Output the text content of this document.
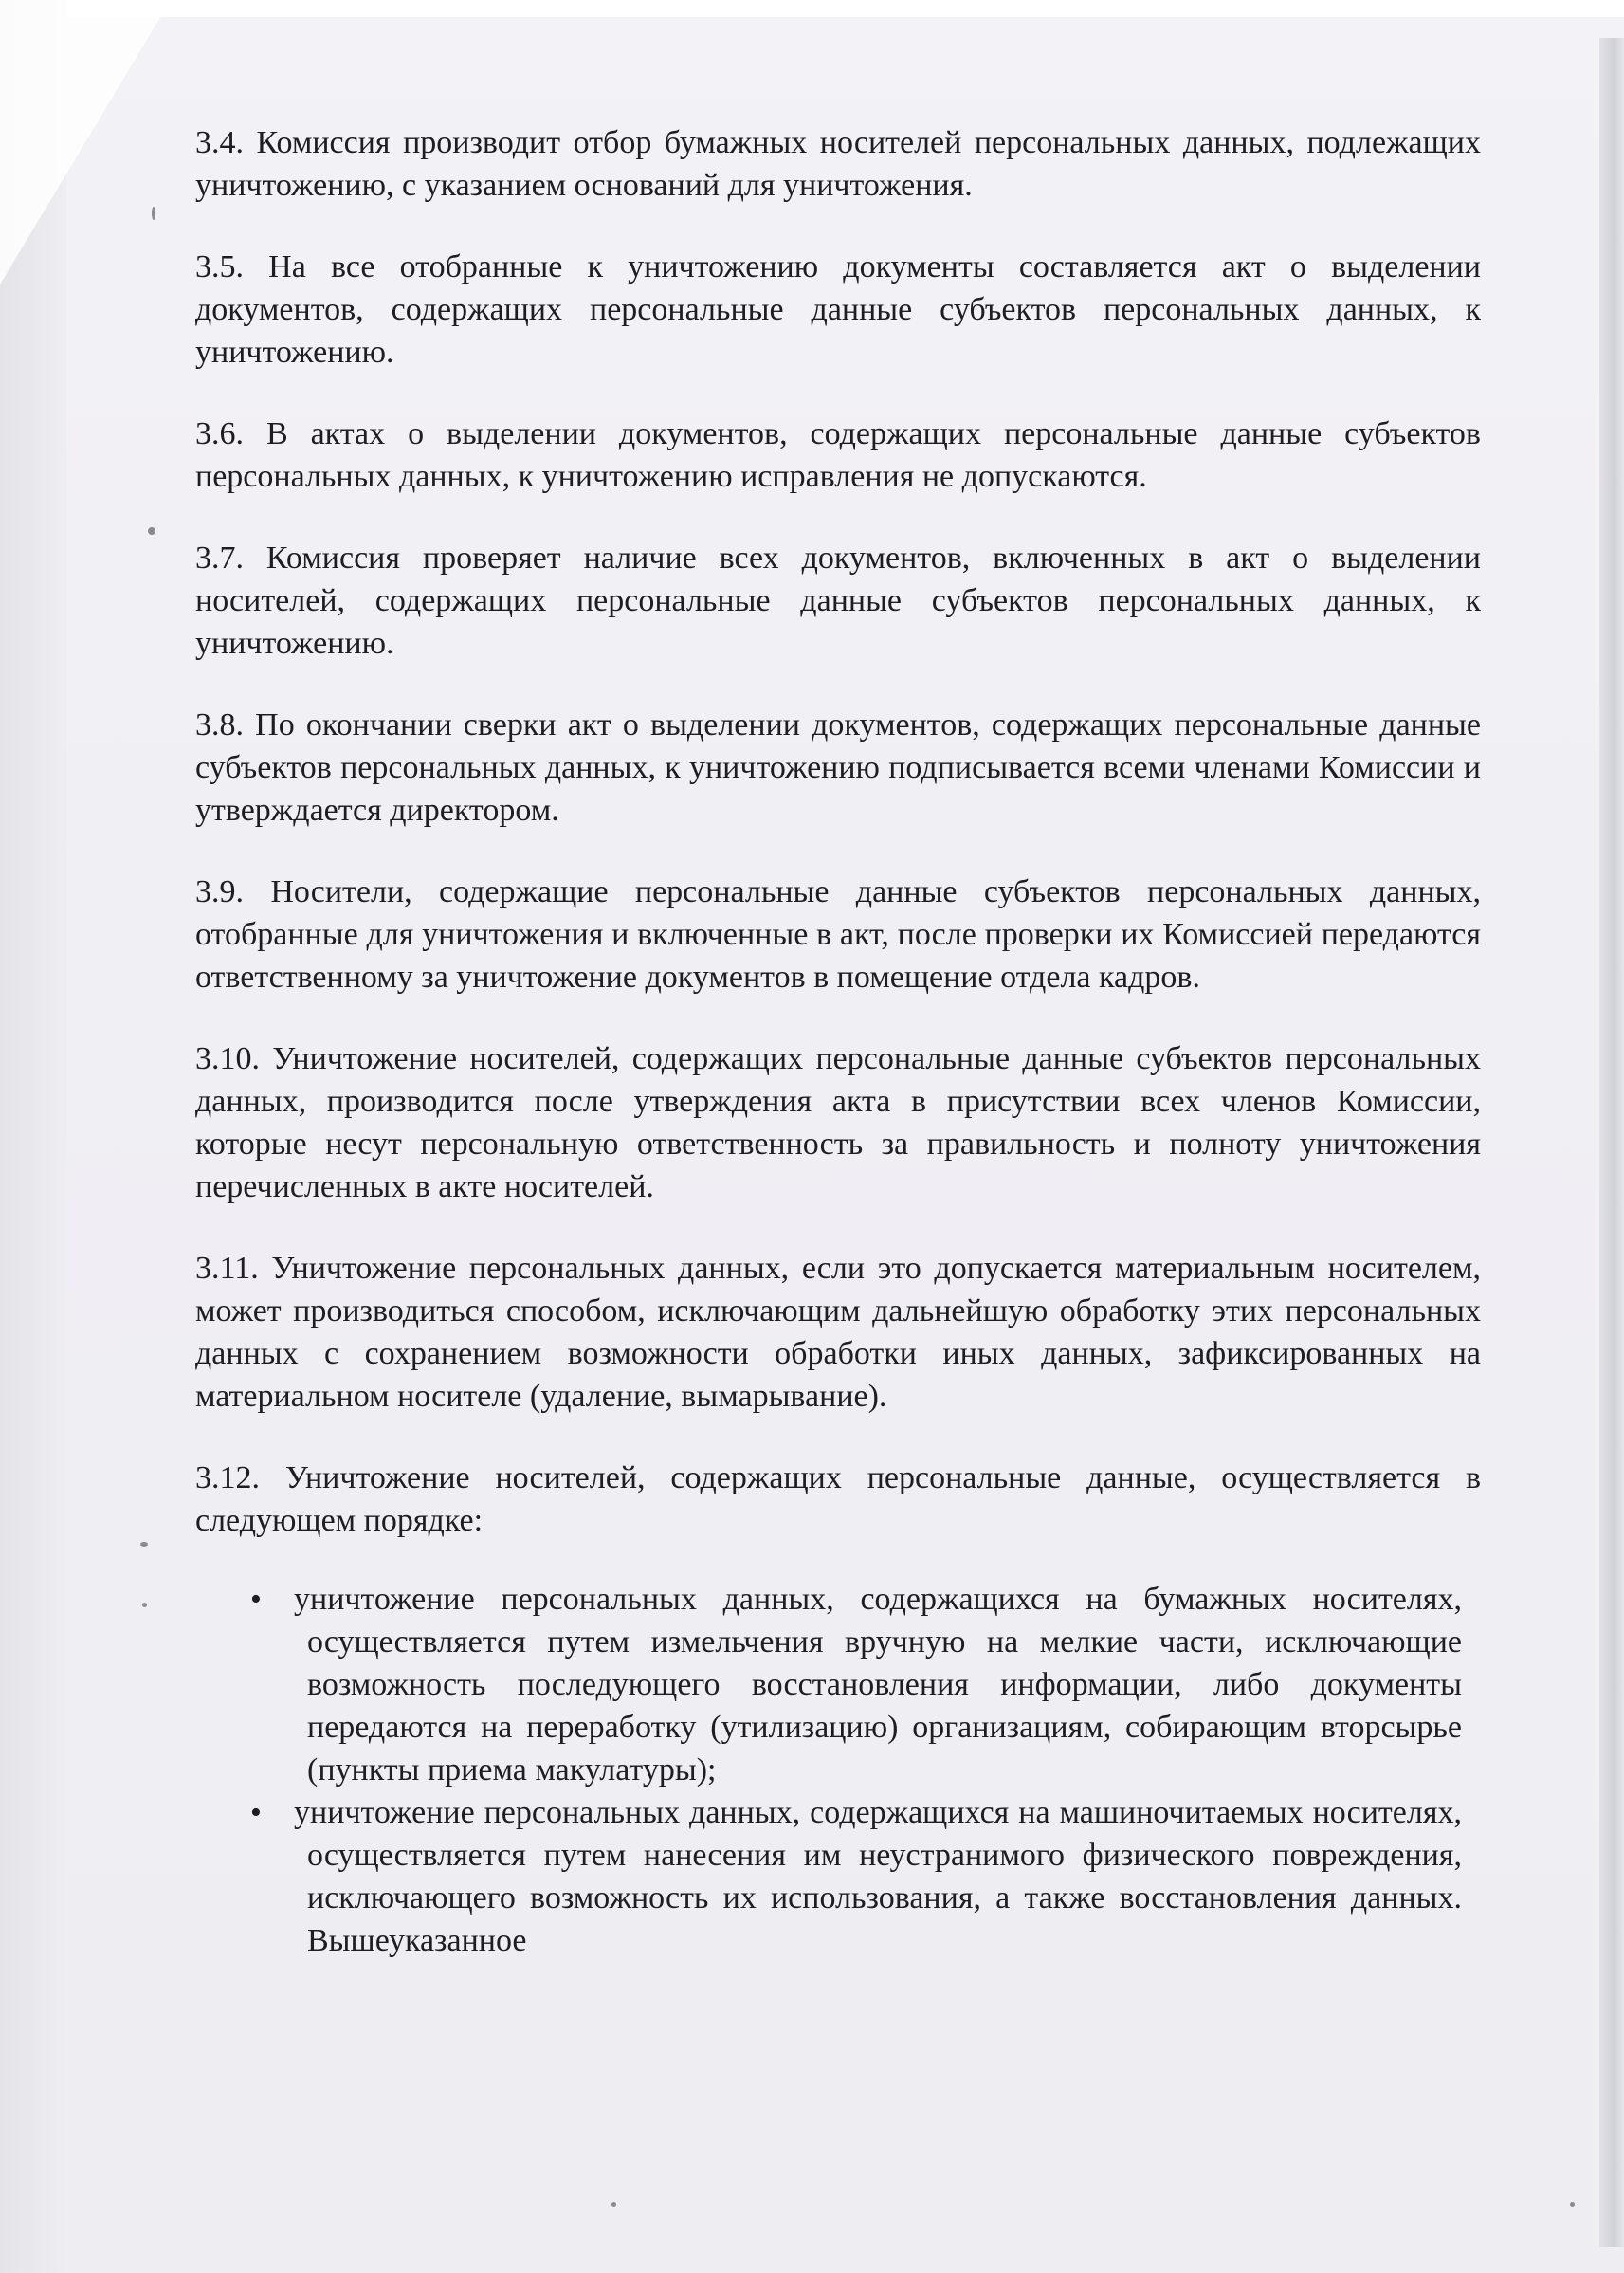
3.4. Комиссия производит отбор бумажных носителей персональных данных, подлежащих уничтожению, с указанием оснований для уничтожения.

3.5. На все отобранные к уничтожению документы составляется акт о выделении документов, содержащих персональные данные субъектов персональных данных, к уничтожению.

3.6. В актах о выделении документов, содержащих персональные данные субъектов персональных данных, к уничтожению исправления не допускаются.

3.7. Комиссия проверяет наличие всех документов, включенных в акт о выделении носителей, содержащих персональные данные субъектов персональных данных, к уничтожению.

3.8. По окончании сверки акт о выделении документов, содержащих персональные данные субъектов персональных данных, к уничтожению подписывается всеми членами Комиссии и утверждается директором.

3.9. Носители, содержащие персональные данные субъектов персональных данных, отобранные для уничтожения и включенные в акт, после проверки их Комиссией передаются ответственному за уничтожение документов в помещение отдела кадров.

3.10. Уничтожение носителей, содержащих персональные данные субъектов персональных данных, производится после утверждения акта в присутствии всех членов Комиссии, которые несут персональную ответственность за правильность и полноту уничтожения перечисленных в акте носителей.

3.11. Уничтожение персональных данных, если это допускается материальным носителем, может производиться способом, исключающим дальнейшую обработку этих персональных данных с сохранением возможности обработки иных данных, зафиксированных на материальном носителе (удаление, вымарывание).

3.12. Уничтожение носителей, содержащих персональные данные, осуществляется в следующем порядке:

• уничтожение персональных данных, содержащихся на бумажных носителях, осуществляется путем измельчения вручную на мелкие части, исключающие возможность последующего восстановления информации, либо документы передаются на переработку (утилизацию) организациям, собирающим вторсырье (пункты приема макулатуры);
• уничтожение персональных данных, содержащихся на машиночитаемых носителях, осуществляется путем нанесения им неустранимого физического повреждения, исключающего возможность их использования, а также восстановления данных. Вышеуказанное
